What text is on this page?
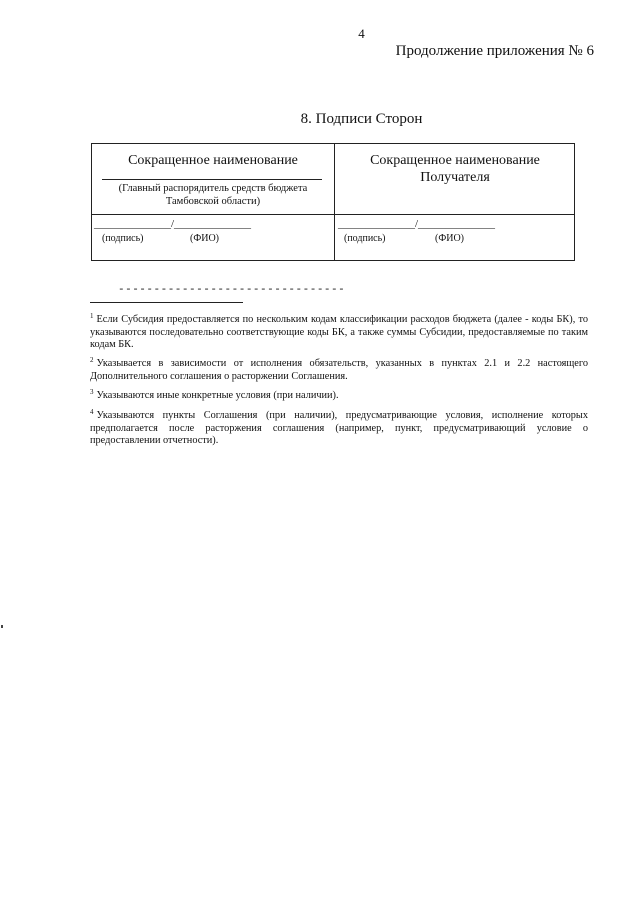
4
Продолжение приложения № 6
8. Подписи Сторон
Сокращенное наименование
(Главный распорядитель средств бюджета
Тамбовской области)
Сокращенное наименование
Получателя
______________/______________
(подпись)	(ФИО)
______________/______________
(подпись)	(ФИО)
--------------------------------
$^1$ Если Субсидия предоставляется по нескольким кодам классификации расходов бюджета (далее - коды БК), то указываются последовательно соответствующие коды БК, а также суммы Субсидии, предоставляемые по таким кодам БК.
$^2$ Указывается в зависимости от исполнения обязательств, указанных в пунктах 2.1 и 2.2 настоящего Дополнительного соглашения о расторжении Соглашения.
$^3$ Указываются иные конкретные условия (при наличии).
$^4$ Указываются пункты Соглашения (при наличии), предусматривающие условия, исполнение которых предполагается после расторжения соглашения (например, пункт, предусматривающий условие о предоставлении отчетности).
